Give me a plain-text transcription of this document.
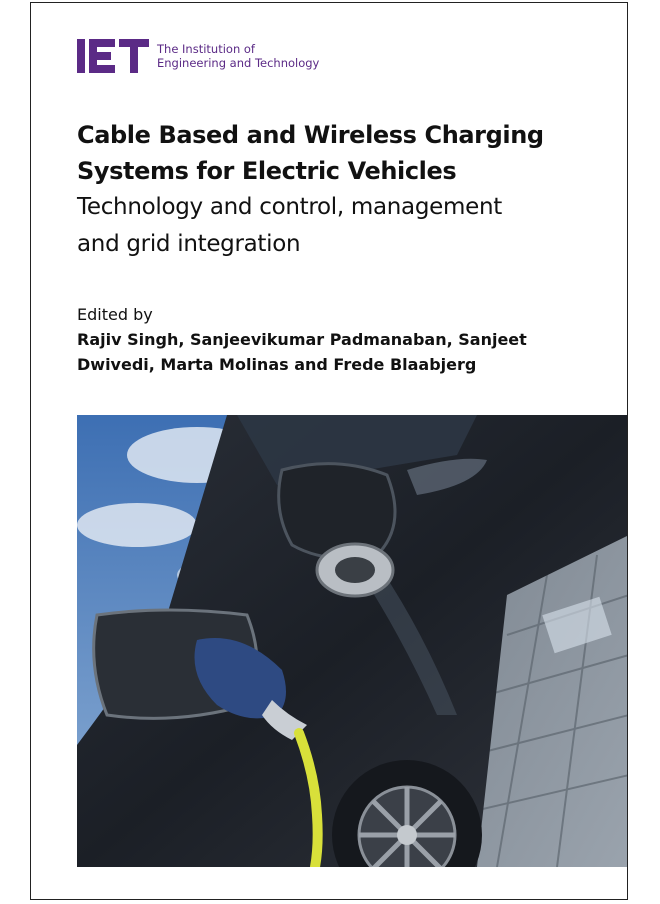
The Institution of
Engineering and Technology
Cable Based and Wireless Charging
Systems for Electric Vehicles
Technology and control, management
and grid integration
Edited by
Rajiv Singh, Sanjeevikumar Padmanaban, Sanjeet
Dwivedi, Marta Molinas and Frede Blaabjerg
